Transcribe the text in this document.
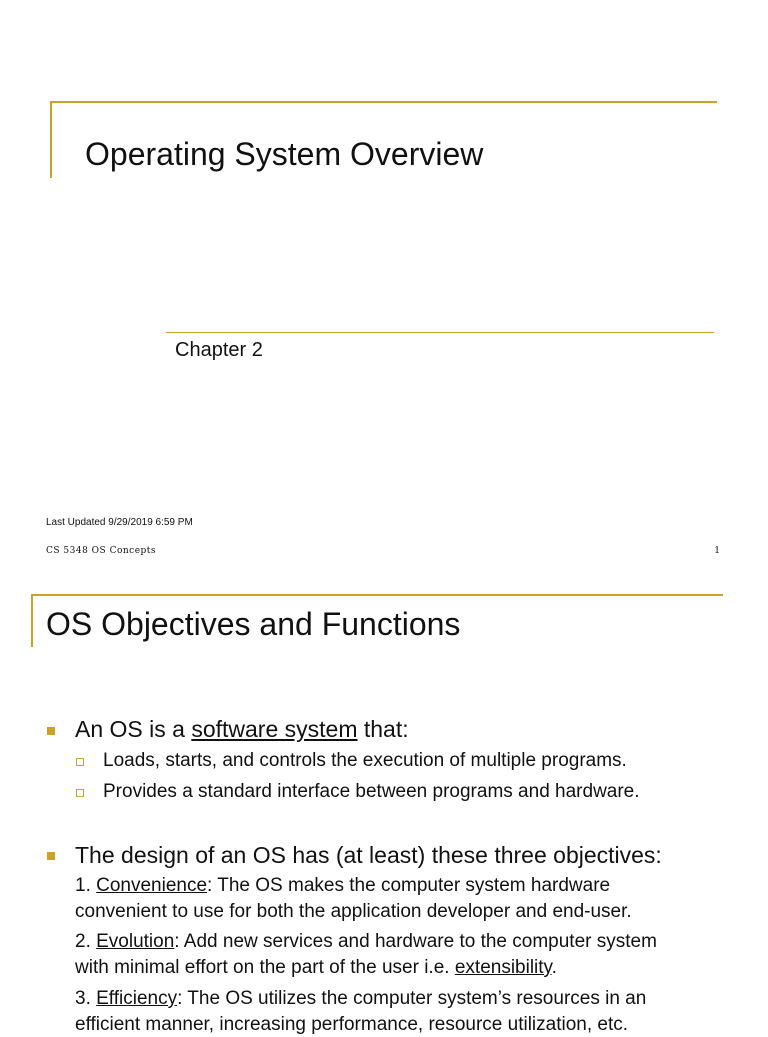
Operating System Overview
Chapter 2
Last Updated 9/29/2019 6:59 PM
CS 5348 OS Concepts	1
OS Objectives and Functions
An OS is a software system that:
Loads, starts, and controls the execution of multiple programs.
Provides a standard interface between programs and hardware.
The design of an OS has (at least) these three objectives:
1. Convenience: The OS makes the computer system hardware
convenient to use for both the application developer and end-user.
2. Evolution: Add new services and hardware to the computer system
with minimal effort on the part of the user i.e. extensibility.
3. Efficiency: The OS utilizes the computer system’s resources in an
efficient manner, increasing performance, resource utilization, etc.
